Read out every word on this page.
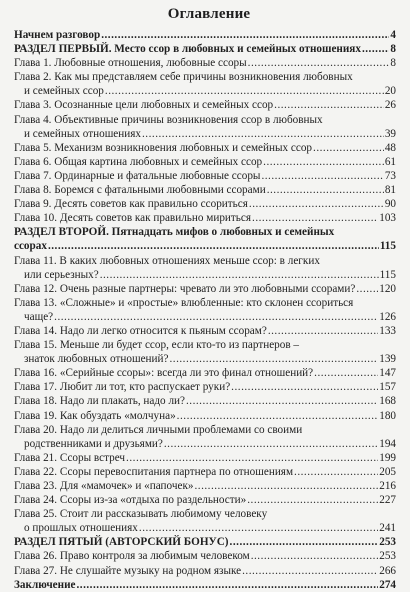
Оглавление
Начнем разговор .....	4
РАЗДЕЛ ПЕРВЫЙ. Место ссор в любовных и семейных отношениях .....	8
Глава 1. Любовные отношения, любовные ссоры .....	8
Глава 2. Как мы представляем себе причины возникновения любовных
и семейных ссор .....	20
Глава 3. Осознанные цели любовных и семейных ссор .....	26
Глава 4. Объективные причины возникновения ссор в любовных
и семейных отношениях .....	39
Глава 5. Механизм возникновения любовных и семейных ссор .....	48
Глава 6. Общая картина любовных и семейных ссор .....	61
Глава 7. Ординарные и фатальные любовные ссоры .....	73
Глава 8. Боремся с фатальными любовными ссорами .....	81
Глава 9. Десять советов как правильно ссориться .....	90
Глава 10. Десять советов как правильно мириться .....	103
РАЗДЕЛ ВТОРОЙ. Пятнадцать мифов о любовных и семейных
ссорах .....	115
Глава 11. В каких любовных отношениях меньше ссор: в легких
или серьезных? .....	115
Глава 12. Очень разные партнеры: чревато ли это любовными ссорами? ..... 120
Глава 13. «Сложные» и «простые» влюбленные: кто склонен ссориться
чаще? .....	126
Глава 14. Надо ли легко относится к пьяным ссорам? .....	133
Глава 15. Меньше ли будет ссор, если кто-то из партнеров –
знаток любовных отношений? .....	139
Глава 16. «Серийные ссоры»: всегда ли это финал отношений? .....	147
Глава 17. Любит ли тот, кто распускает руки? .....	157
Глава 18. Надо ли плакать, надо ли? .....	168
Глава 19. Как обуздать «молчуна» .....	180
Глава 20. Надо ли делиться личными проблемами со своими
родственниками и друзьями? .....	194
Глава 21. Ссоры встреч .....	199
Глава 22. Ссоры перевоспитания партнера по отношениям .....	205
Глава 23. Для «мамочек» и «папочек» .....	216
Глава 24. Ссоры из-за «отдыха по раздельности» .....	227
Глава 25. Стоит ли рассказывать любимому человеку
о прошлых отношениях .....	241
РАЗДЕЛ ПЯТЫЙ (АВТОРСКИЙ БОНУС) .....	253
Глава 26. Право контроля за любимым человеком .....	253
Глава 27. Не слушайте музыку на родном языке .....	266
Заключение .....	274
